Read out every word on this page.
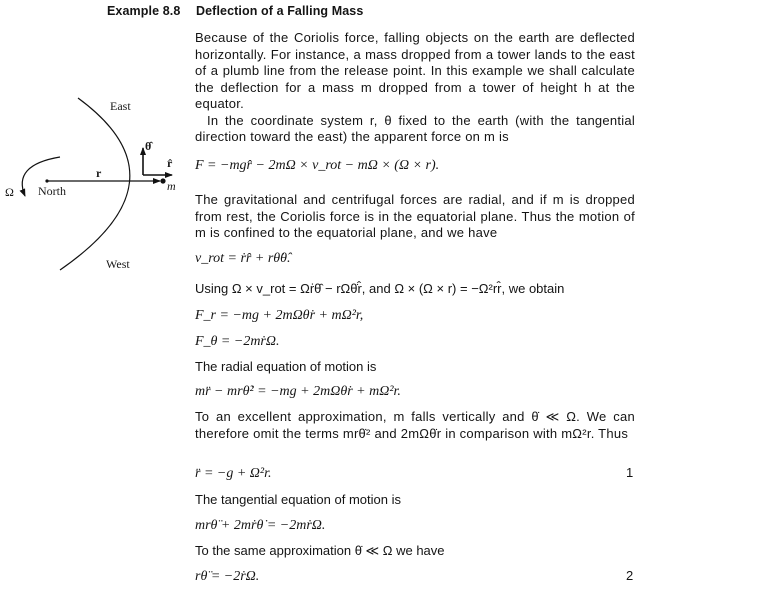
Example 8.8 Deflection of a Falling Mass
East
West
North
Ω
r
θ̂
r̂
m

Because of the Coriolis force, falling objects on the earth are deflected horizontally. For instance, a mass dropped from a tower lands to the east of a plumb line from the release point. In this example we shall calculate the deflection for a mass m dropped from a tower of height h at the equator.

In the coordinate system r, θ fixed to the earth (with the tangential direction toward the east) the apparent force on m is

F = −mgr̂ − 2mΩ × v_rot − mΩ × (Ω × r).

The gravitational and centrifugal forces are radial, and if m is dropped from rest, the Coriolis force is in the equatorial plane. Thus the motion of m is confined to the equatorial plane, and we have

v_rot = ṙr̂ + rθ̇θ̂.
Using Ω × v_rot = Ωṙθ̂ − rΩθ̇r̂, and Ω × (Ω × r) = −Ω²rr̂, we obtain
F_r = −mg + 2mΩθ̇r + mΩ²r,
F_θ = −2mṙΩ.
The radial equation of motion is
mr̈ − mrθ̇² = −mg + 2mΩθ̇r + mΩ²r.

To an excellent approximation, m falls vertically and θ̇ ≪ Ω. We can therefore omit the terms mrθ̇² and 2mΩθ̇r in comparison with mΩ²r. Thus

r̈ = −g + Ω²r.	1
The tangential equation of motion is
mrθ̈ + 2mṙθ̇ = −2mṙΩ.
To the same approximation θ̇ ≪ Ω we have
rθ̈ = −2ṙΩ.	2
